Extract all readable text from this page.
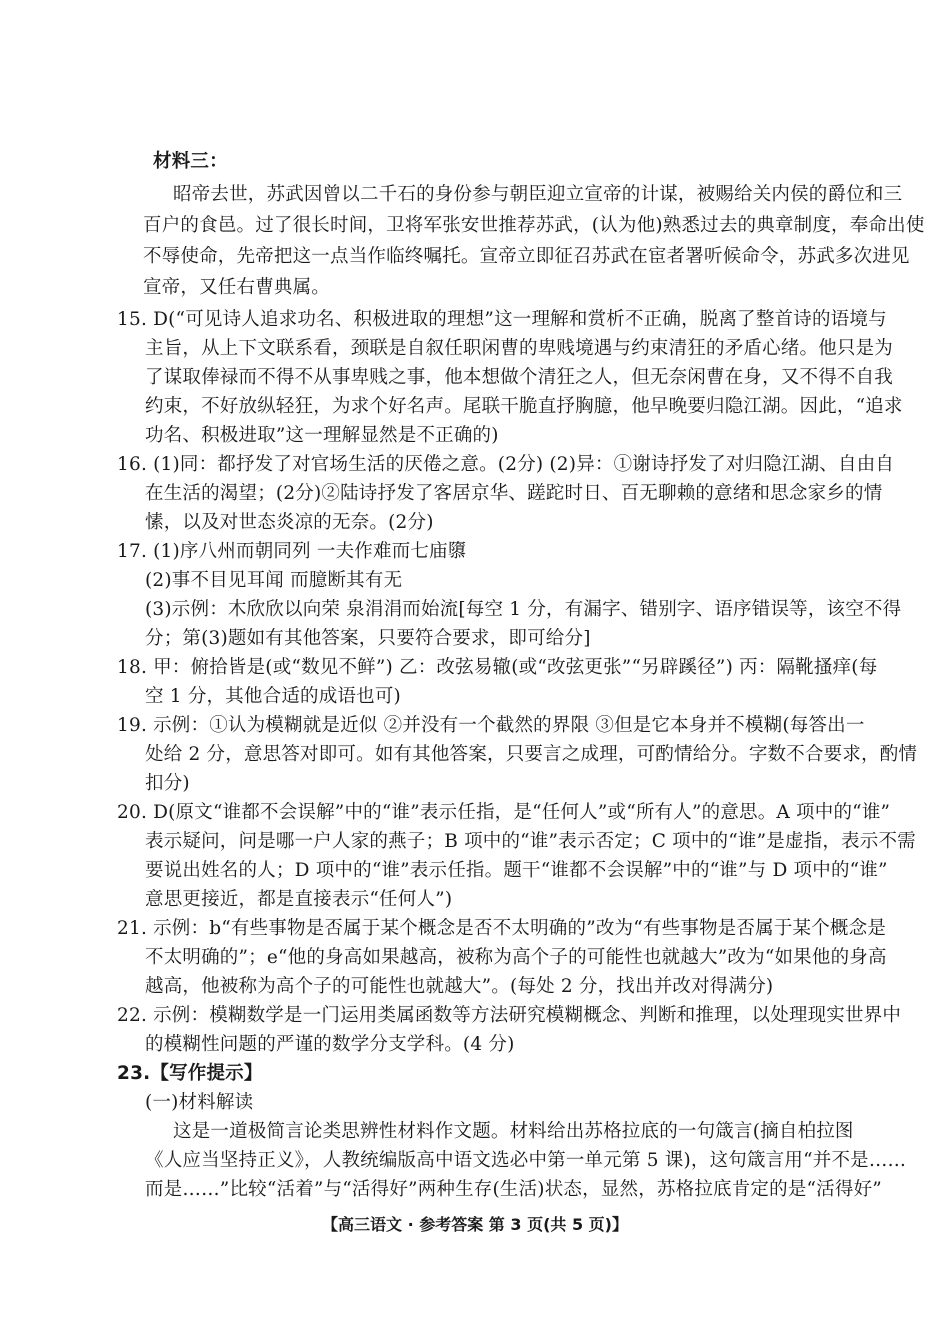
材料三：
昭帝去世，苏武因曾以二千石的身份参与朝臣迎立宣帝的计谋，被赐给关内侯的爵位和三
百户的食邑。过了很长时间，卫将军张安世推荐苏武，(认为他)熟悉过去的典章制度，奉命出使
不辱使命，先帝把这一点当作临终嘱托。宣帝立即征召苏武在宦者署听候命令，苏武多次进见
宣帝，又任右曹典属。
15. D(“可见诗人追求功名、积极进取的理想”这一理解和赏析不正确，脱离了整首诗的语境与
主旨，从上下文联系看，颈联是自叙任职闲曹的卑贱境遇与约束清狂的矛盾心绪。他只是为
了谋取俸禄而不得不从事卑贱之事，他本想做个清狂之人，但无奈闲曹在身，又不得不自我
约束，不好放纵轻狂，为求个好名声。尾联干脆直抒胸臆，他早晚要归隐江湖。因此，“追求
功名、积极进取”这一理解显然是不正确的)
16. (1)同：都抒发了对官场生活的厌倦之意。(2分) (2)异：①谢诗抒发了对归隐江湖、自由自
在生活的渴望；(2分)②陆诗抒发了客居京华、蹉跎时日、百无聊赖的意绪和思念家乡的情
愫，以及对世态炎凉的无奈。(2分)
17. (1)序八州而朝同列 一夫作难而七庙隳
(2)事不目见耳闻 而臆断其有无
(3)示例：木欣欣以向荣 泉涓涓而始流[每空 1 分，有漏字、错别字、语序错误等，该空不得
分；第(3)题如有其他答案，只要符合要求，即可给分]
18. 甲：俯拾皆是(或“数见不鲜”) 乙：改弦易辙(或“改弦更张”“另辟蹊径”) 丙：隔靴搔痒(每
空 1 分，其他合适的成语也可)
19. 示例：①认为模糊就是近似 ②并没有一个截然的界限 ③但是它本身并不模糊(每答出一
处给 2 分，意思答对即可。如有其他答案，只要言之成理，可酌情给分。字数不合要求，酌情
扣分)
20. D(原文“谁都不会误解”中的“谁”表示任指，是“任何人”或“所有人”的意思。A 项中的“谁”
表示疑问，问是哪一户人家的燕子；B 项中的“谁”表示否定；C 项中的“谁”是虚指，表示不需
要说出姓名的人；D 项中的“谁”表示任指。题干“谁都不会误解”中的“谁”与 D 项中的“谁”
意思更接近，都是直接表示“任何人”)
21. 示例：b“有些事物是否属于某个概念是否不太明确的”改为“有些事物是否属于某个概念是
不太明确的”；e“他的身高如果越高，被称为高个子的可能性也就越大”改为“如果他的身高
越高，他被称为高个子的可能性也就越大”。(每处 2 分，找出并改对得满分)
22. 示例：模糊数学是一门运用类属函数等方法研究模糊概念、判断和推理，以处理现实世界中
的模糊性问题的严谨的数学分支学科。(4 分)
23.【写作提示】
(一)材料解读
这是一道极简言论类思辨性材料作文题。材料给出苏格拉底的一句箴言(摘自柏拉图
《人应当坚持正义》，人教统编版高中语文选必中第一单元第 5 课)，这句箴言用“并不是……
而是……”比较“活着”与“活得好”两种生存(生活)状态，显然，苏格拉底肯定的是“活得好”
【高三语文 · 参考答案 第 3 页(共 5 页)】
